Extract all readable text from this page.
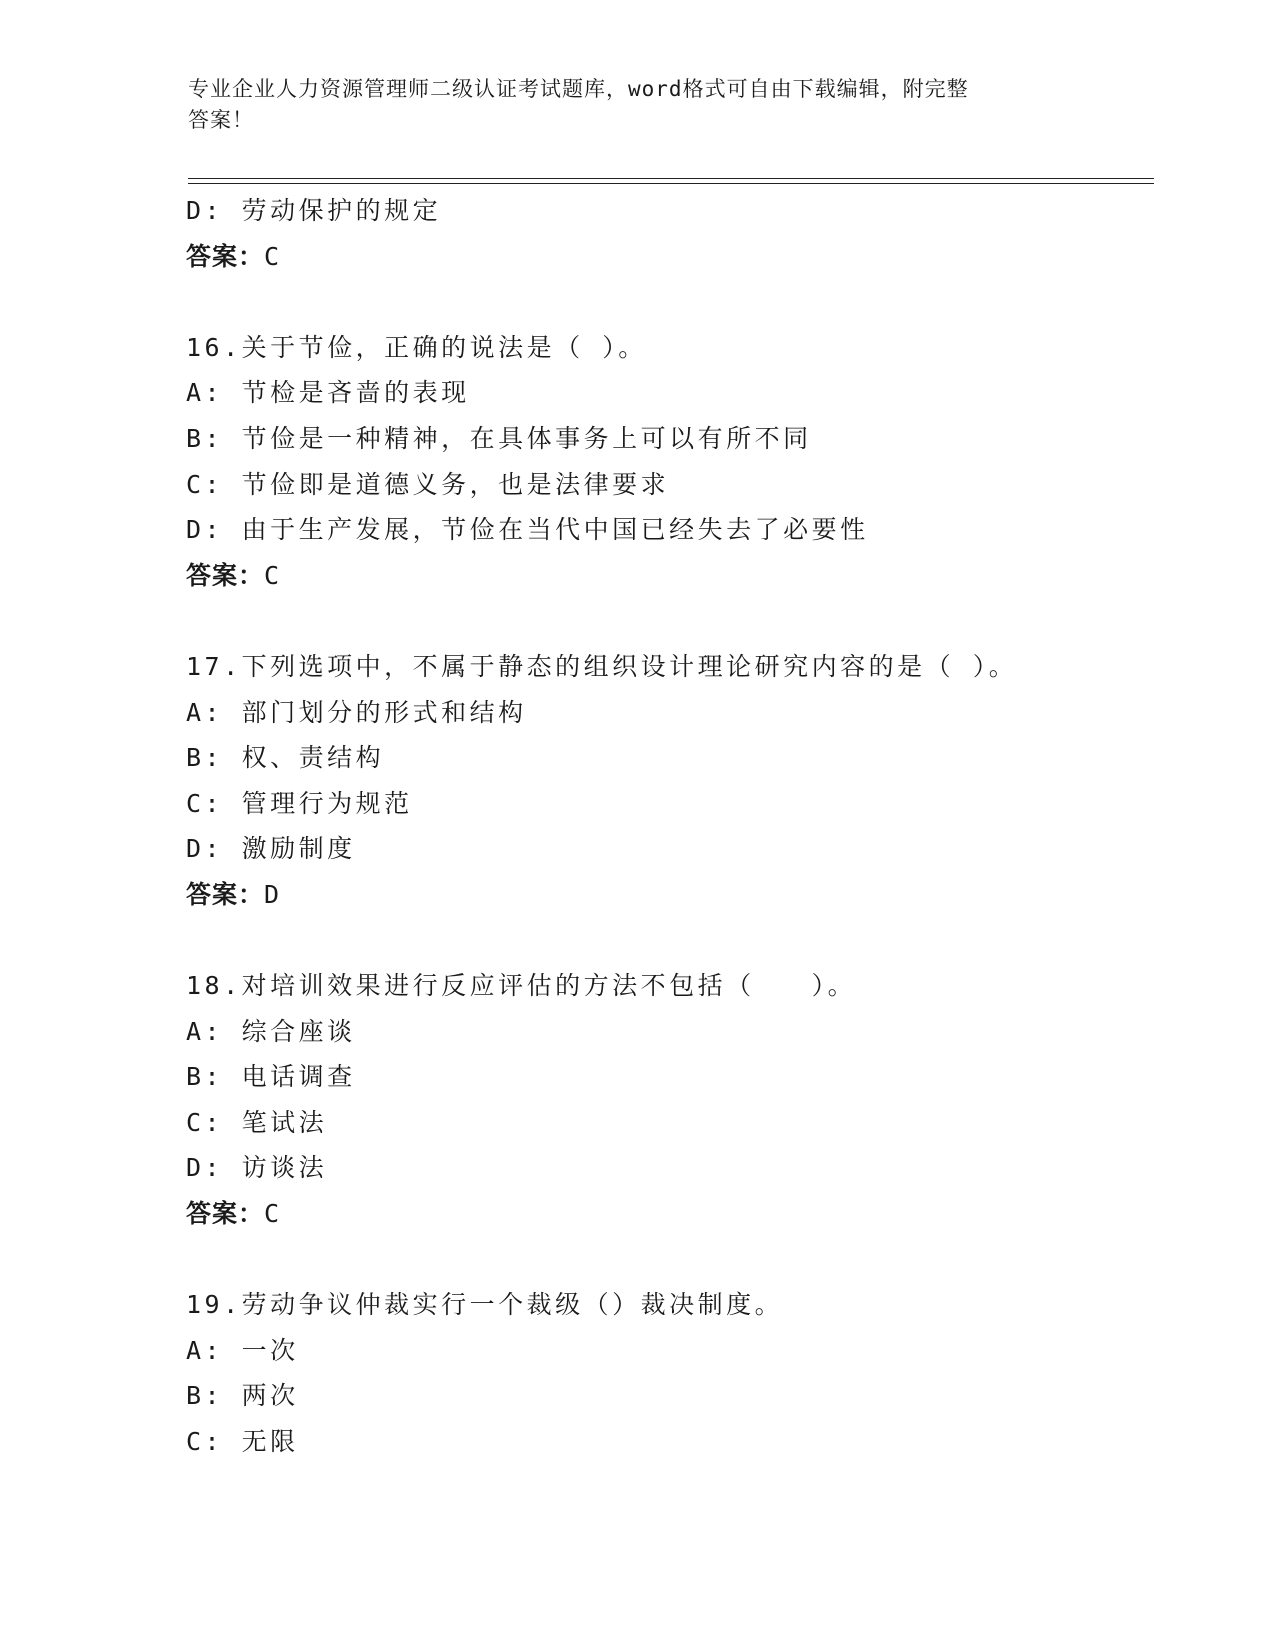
专业企业人力资源管理师二级认证考试题库，word格式可自由下载编辑，附完整
答案！
D: 劳动保护的规定
答案：C
16.关于节俭，正确的说法是（ ）。
A: 节检是吝啬的表现
B: 节俭是一种精神，在具体事务上可以有所不同
C: 节俭即是道德义务，也是法律要求
D: 由于生产发展，节俭在当代中国已经失去了必要性
答案：C
17.下列选项中，不属于静态的组织设计理论研究内容的是（ ）。
A: 部门划分的形式和结构
B: 权、责结构
C: 管理行为规范
D: 激励制度
答案：D
18.对培训效果进行反应评估的方法不包括（　　）。
A: 综合座谈
B: 电话调查
C: 笔试法
D: 访谈法
答案：C
19.劳动争议仲裁实行一个裁级（）裁决制度。
A: 一次
B: 两次
C: 无限
